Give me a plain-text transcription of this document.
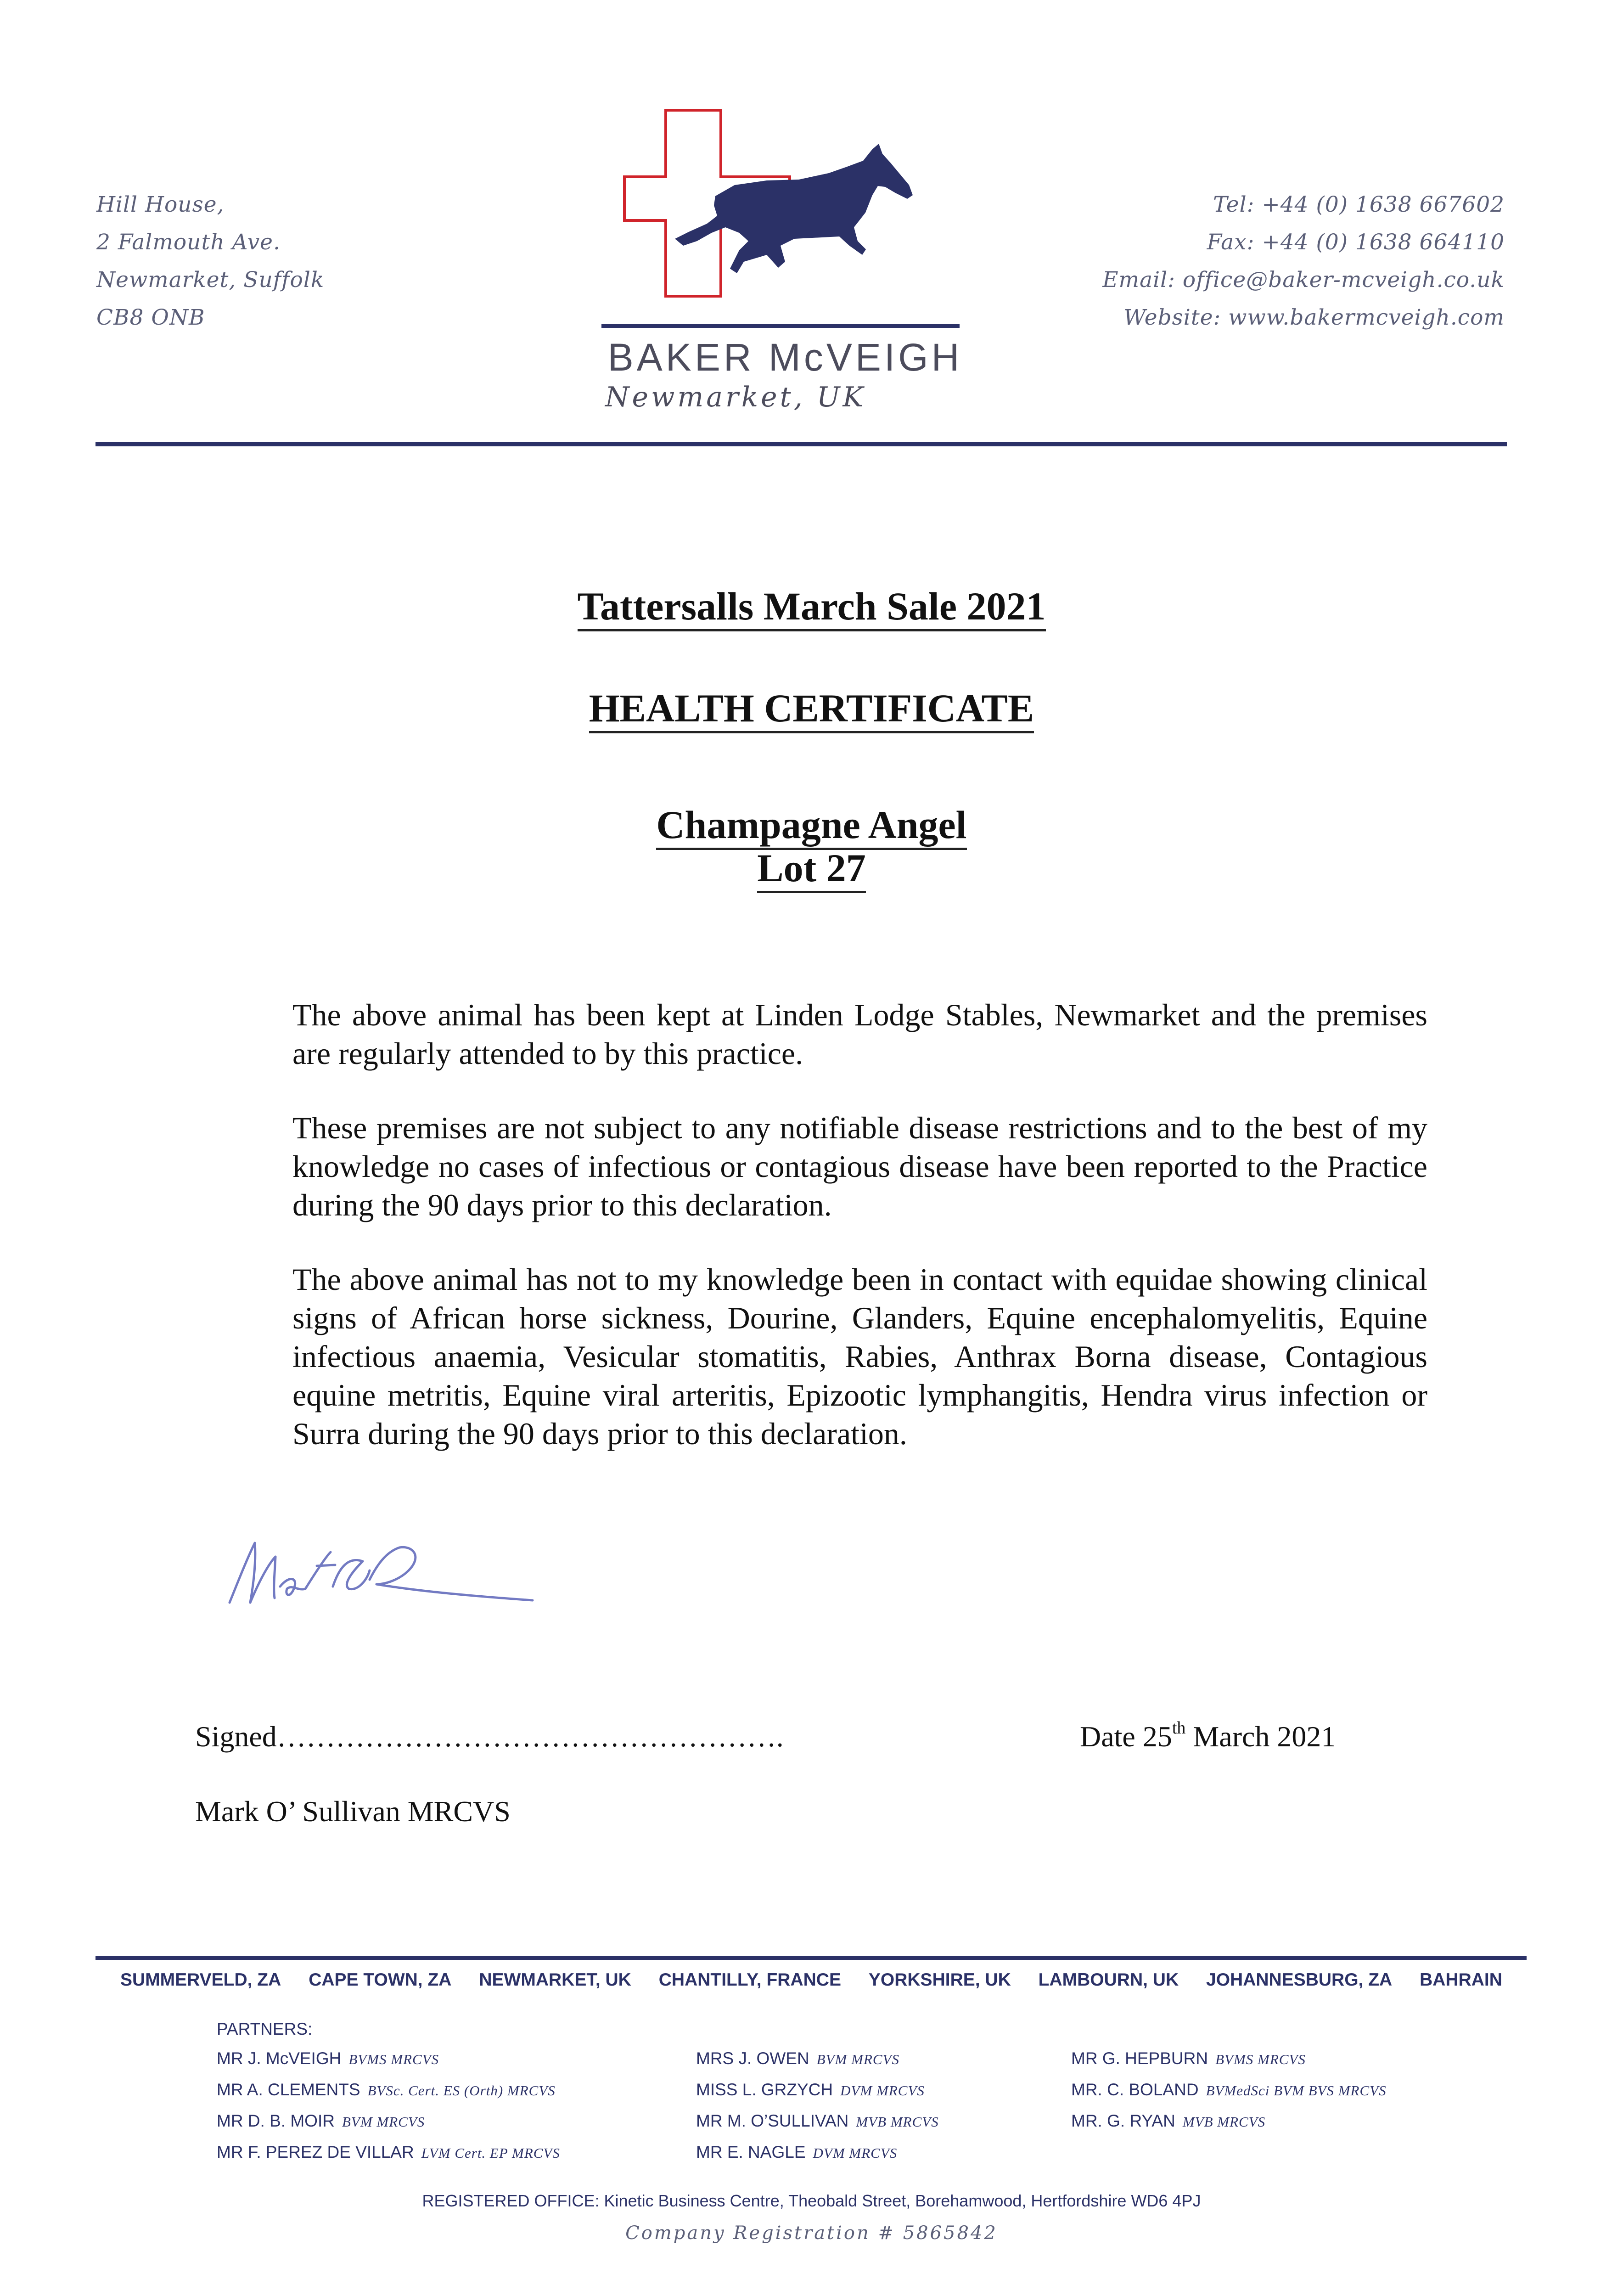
Hill House,
2 Falmouth Ave.
Newmarket, Suffolk
CB8 ONB
BAKER McVEIGH
Newmarket, UK
Tel: +44 (0) 1638 667602
Fax: +44 (0) 1638 664110
Email: office@baker-mcveigh.co.uk
Website: www.bakermcveigh.com
Tattersalls March Sale 2021
HEALTH CERTIFICATE
Champagne Angel
Lot 27
The above animal has been kept at Linden Lodge Stables, Newmarket and the premises are regularly attended to by this practice.
These premises are not subject to any notifiable disease restrictions and to the best of my knowledge no cases of infectious or contagious disease have been reported to the Practice during the 90 days prior to this declaration.
The above animal has not to my knowledge been in contact with equidae showing clinical signs of African horse sickness, Dourine, Glanders, Equine encephalomyelitis, Equine infectious anaemia, Vesicular stomatitis, Rabies, Anthrax Borna disease, Contagious equine metritis, Equine viral arteritis, Epizootic lymphangitis, Hendra virus infection or Surra during the 90 days prior to this declaration.
Signed…………………………………………….	Date 25th March 2021
Mark O’ Sullivan MRCVS
SUMMERVELD, ZA CAPE TOWN, ZA NEWMARKET, UK CHANTILLY, FRANCE YORKSHIRE, UK LAMBOURN, UK JOHANNESBURG, ZA BAHRAIN
PARTNERS:
MR J. McVEIGH BVMS MRCVS
MR A. CLEMENTS BVSc. Cert. ES (Orth) MRCVS
MR D. B. MOIR BVM MRCVS
MR F. PEREZ DE VILLAR LVM Cert. EP MRCVS
MRS J. OWEN BVM MRCVS
MISS L. GRZYCH DVM MRCVS
MR M. O’SULLIVAN MVB MRCVS
MR E. NAGLE DVM MRCVS
MR G. HEPBURN BVMS MRCVS
MR. C. BOLAND BVMedSci BVM BVS MRCVS
MR. G. RYAN MVB MRCVS
REGISTERED OFFICE: Kinetic Business Centre, Theobald Street, Borehamwood, Hertfordshire WD6 4PJ
Company Registration # 5865842
